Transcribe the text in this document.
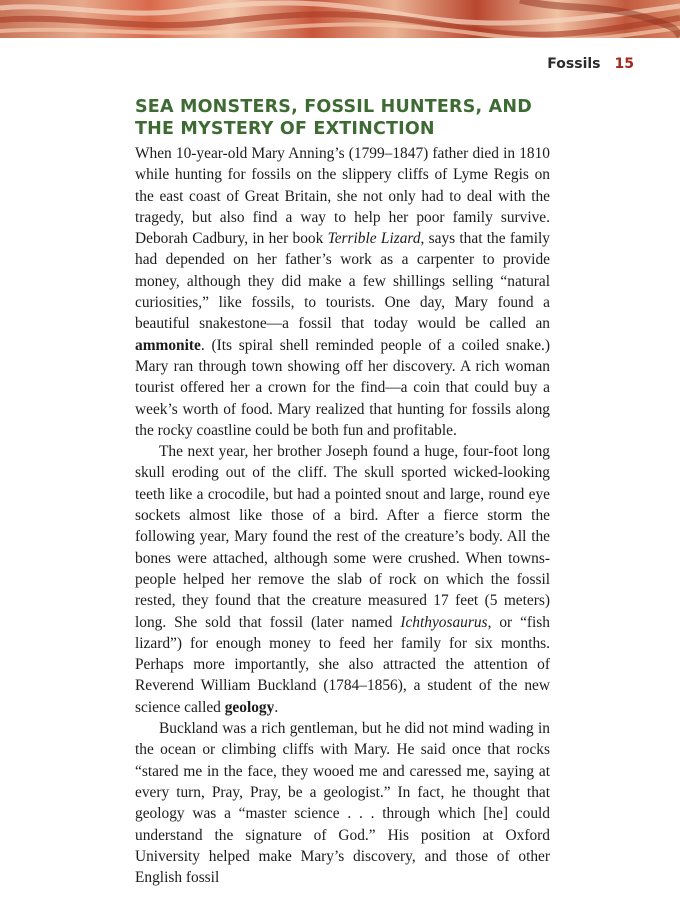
Fossils 15
SEA MONSTERS, FOSSIL HUNTERS, AND
THE MYSTERY OF EXTINCTION

When 10-year-old Mary Anning’s (1799–1847) father died in 1810 while hunting for fossils on the slippery cliffs of Lyme Regis on the east coast of Great Britain, she not only had to deal with the tragedy, but also find a way to help her poor family survive. Deborah Cadbury, in her book Terrible Lizard, says that the family had depended on her father’s work as a carpenter to provide money, although they did make a few shillings selling “natural curiosities,” like fossils, to tourists. One day, Mary found a beautiful snakestone—a fossil that today would be called an ammonite. (Its spiral shell reminded people of a coiled snake.) Mary ran through town showing off her discovery. A rich woman tourist offered her a crown for the find—a coin that could buy a week’s worth of food. Mary realized that hunting for fossils along the rocky coastline could be both fun and profitable.

The next year, her brother Joseph found a huge, four-foot long skull eroding out of the cliff. The skull sported wicked-looking teeth like a crocodile, but had a pointed snout and large, round eye sockets almost like those of a bird. After a fierce storm the following year, Mary found the rest of the creature’s body. All the bones were attached, although some were crushed. When townspeople helped her remove the slab of rock on which the fossil rested, they found that the creature measured 17 feet (5 meters) long. She sold that fossil (later named Ichthyosaurus, or “fish lizard”) for enough money to feed her family for six months. Perhaps more importantly, she also attracted the attention of Reverend William Buckland (1784–1856), a student of the new science called geology.

Buckland was a rich gentleman, but he did not mind wading in the ocean or climbing cliffs with Mary. He said once that rocks “stared me in the face, they wooed me and caressed me, saying at every turn, Pray, Pray, be a geologist.” In fact, he thought that geology was a “master science . . . through which [he] could understand the signature of God.” His position at Oxford University helped make Mary’s discovery, and those of other English fossil
